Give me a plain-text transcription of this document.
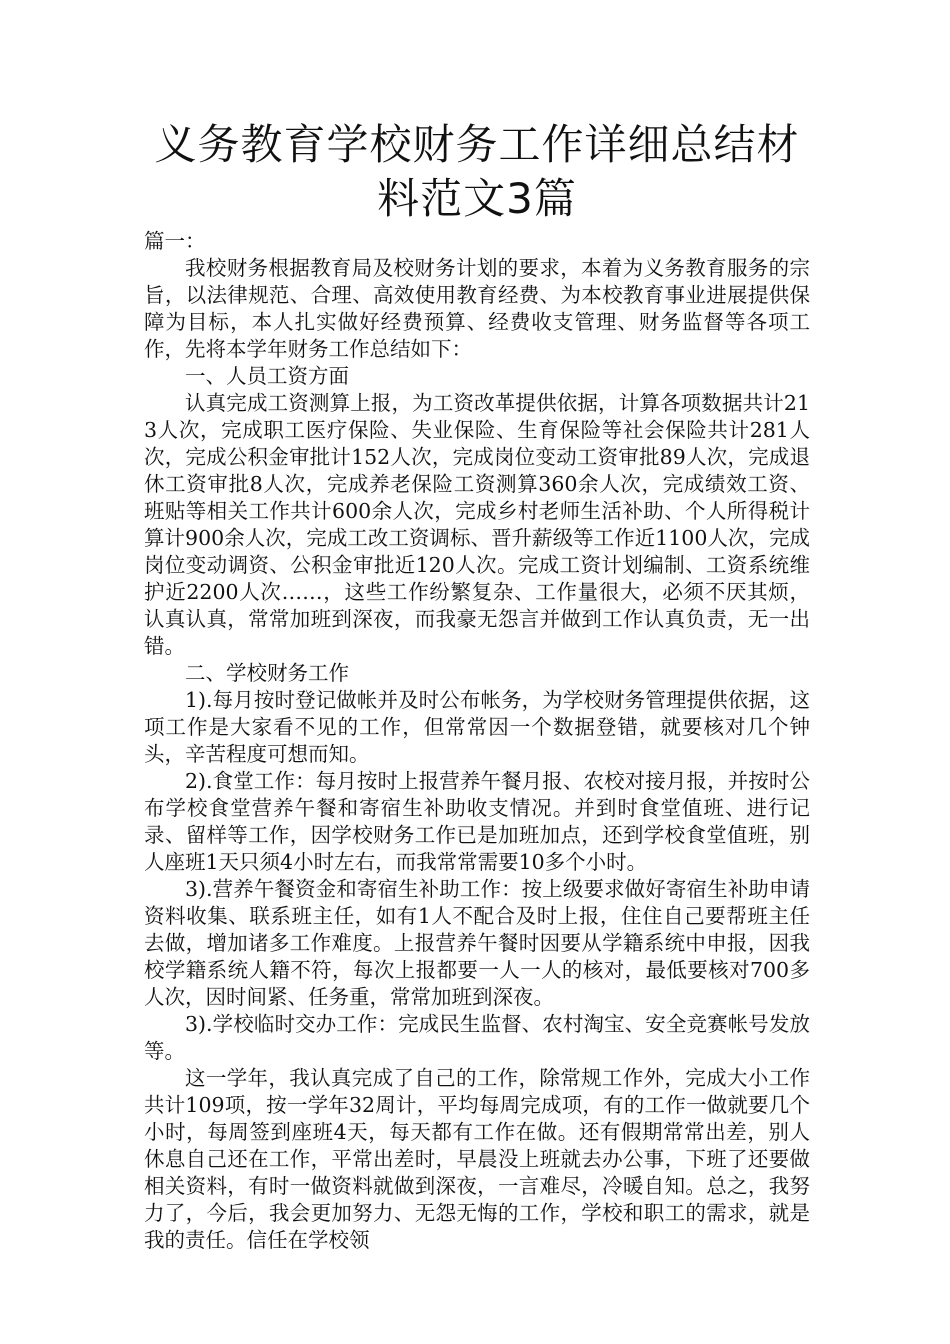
义务教育学校财务工作详细总结材料范文3篇

篇一：

我校财务根据教育局及校财务计划的要求，本着为义务教育服务的宗旨，以法律规范、合理、高效使用教育经费、为本校教育事业进展提供保障为目标，本人扎实做好经费预算、经费收支管理、财务监督等各项工作，先将本学年财务工作总结如下：

一、人员工资方面

认真完成工资测算上报，为工资改革提供依据，计算各项数据共计213人次，完成职工医疗保险、失业保险、生育保险等社会保险共计281人次，完成公积金审批计152人次，完成岗位变动工资审批89人次，完成退休工资审批8人次，完成养老保险工资测算360余人次，完成绩效工资、班贴等相关工作共计600余人次，完成乡村老师生活补助、个人所得税计算计900余人次，完成工改工资调标、晋升薪级等工作近1100人次，完成岗位变动调资、公积金审批近120人次。完成工资计划编制、工资系统维护近2200人次……，这些工作纷繁复杂、工作量很大，必须不厌其烦，认真认真，常常加班到深夜，而我豪无怨言并做到工作认真负责，无一出错。

二、学校财务工作

1).每月按时登记做帐并及时公布帐务，为学校财务管理提供依据，这项工作是大家看不见的工作，但常常因一个数据登错，就要核对几个钟头，辛苦程度可想而知。

2).食堂工作：每月按时上报营养午餐月报、农校对接月报，并按时公布学校食堂营养午餐和寄宿生补助收支情况。并到时食堂值班、进行记录、留样等工作，因学校财务工作已是加班加点，还到学校食堂值班，别人座班1天只须4小时左右，而我常常需要10多个小时。

3).营养午餐资金和寄宿生补助工作：按上级要求做好寄宿生补助申请资料收集、联系班主任，如有1人不配合及时上报，住住自己要帮班主任去做，增加诸多工作难度。上报营养午餐时因要从学籍系统中申报，因我校学籍系统人籍不符，每次上报都要一人一人的核对，最低要核对700多人次，因时间紧、任务重，常常加班到深夜。

3).学校临时交办工作：完成民生监督、农村淘宝、安全竞赛帐号发放等。

这一学年，我认真完成了自己的工作，除常规工作外，完成大小工作共计109项，按一学年32周计，平均每周完成项，有的工作一做就要几个小时，每周签到座班4天，每天都有工作在做。还有假期常常出差，别人休息自己还在工作，平常出差时，早晨没上班就去办公事，下班了还要做相关资料，有时一做资料就做到深夜，一言难尽，冷暖自知。总之，我努力了，今后，我会更加努力、无怨无悔的工作，学校和职工的需求，就是我的责任。信任在学校领
